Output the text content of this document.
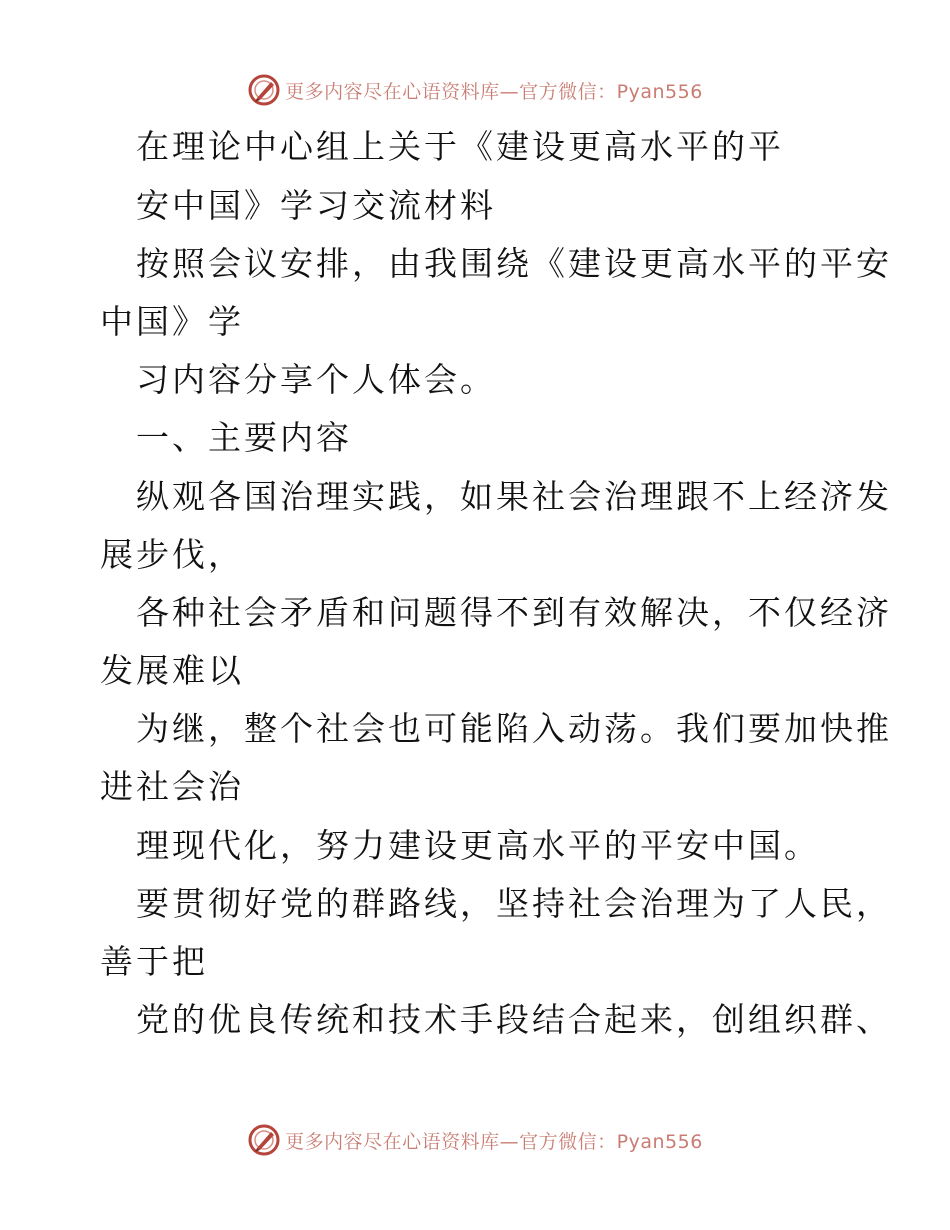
更多内容尽在心语资料库—官方微信：Pyan556
在理论中心组上关于《建设更高水平的平
安中国》学习交流材料
按照会议安排，由我围绕《建设更高水平的平安
中国》学
习内容分享个人体会。
一、主要内容
纵观各国治理实践，如果社会治理跟不上经济发
展步伐，
各种社会矛盾和问题得不到有效解决，不仅经济
发展难以
为继，整个社会也可能陷入动荡。我们要加快推
进社会治
理现代化，努力建设更高水平的平安中国。
要贯彻好党的群路线，坚持社会治理为了人民，
善于把
党的优良传统和技术手段结合起来，创组织群、
更多内容尽在心语资料库—官方微信：Pyan556
